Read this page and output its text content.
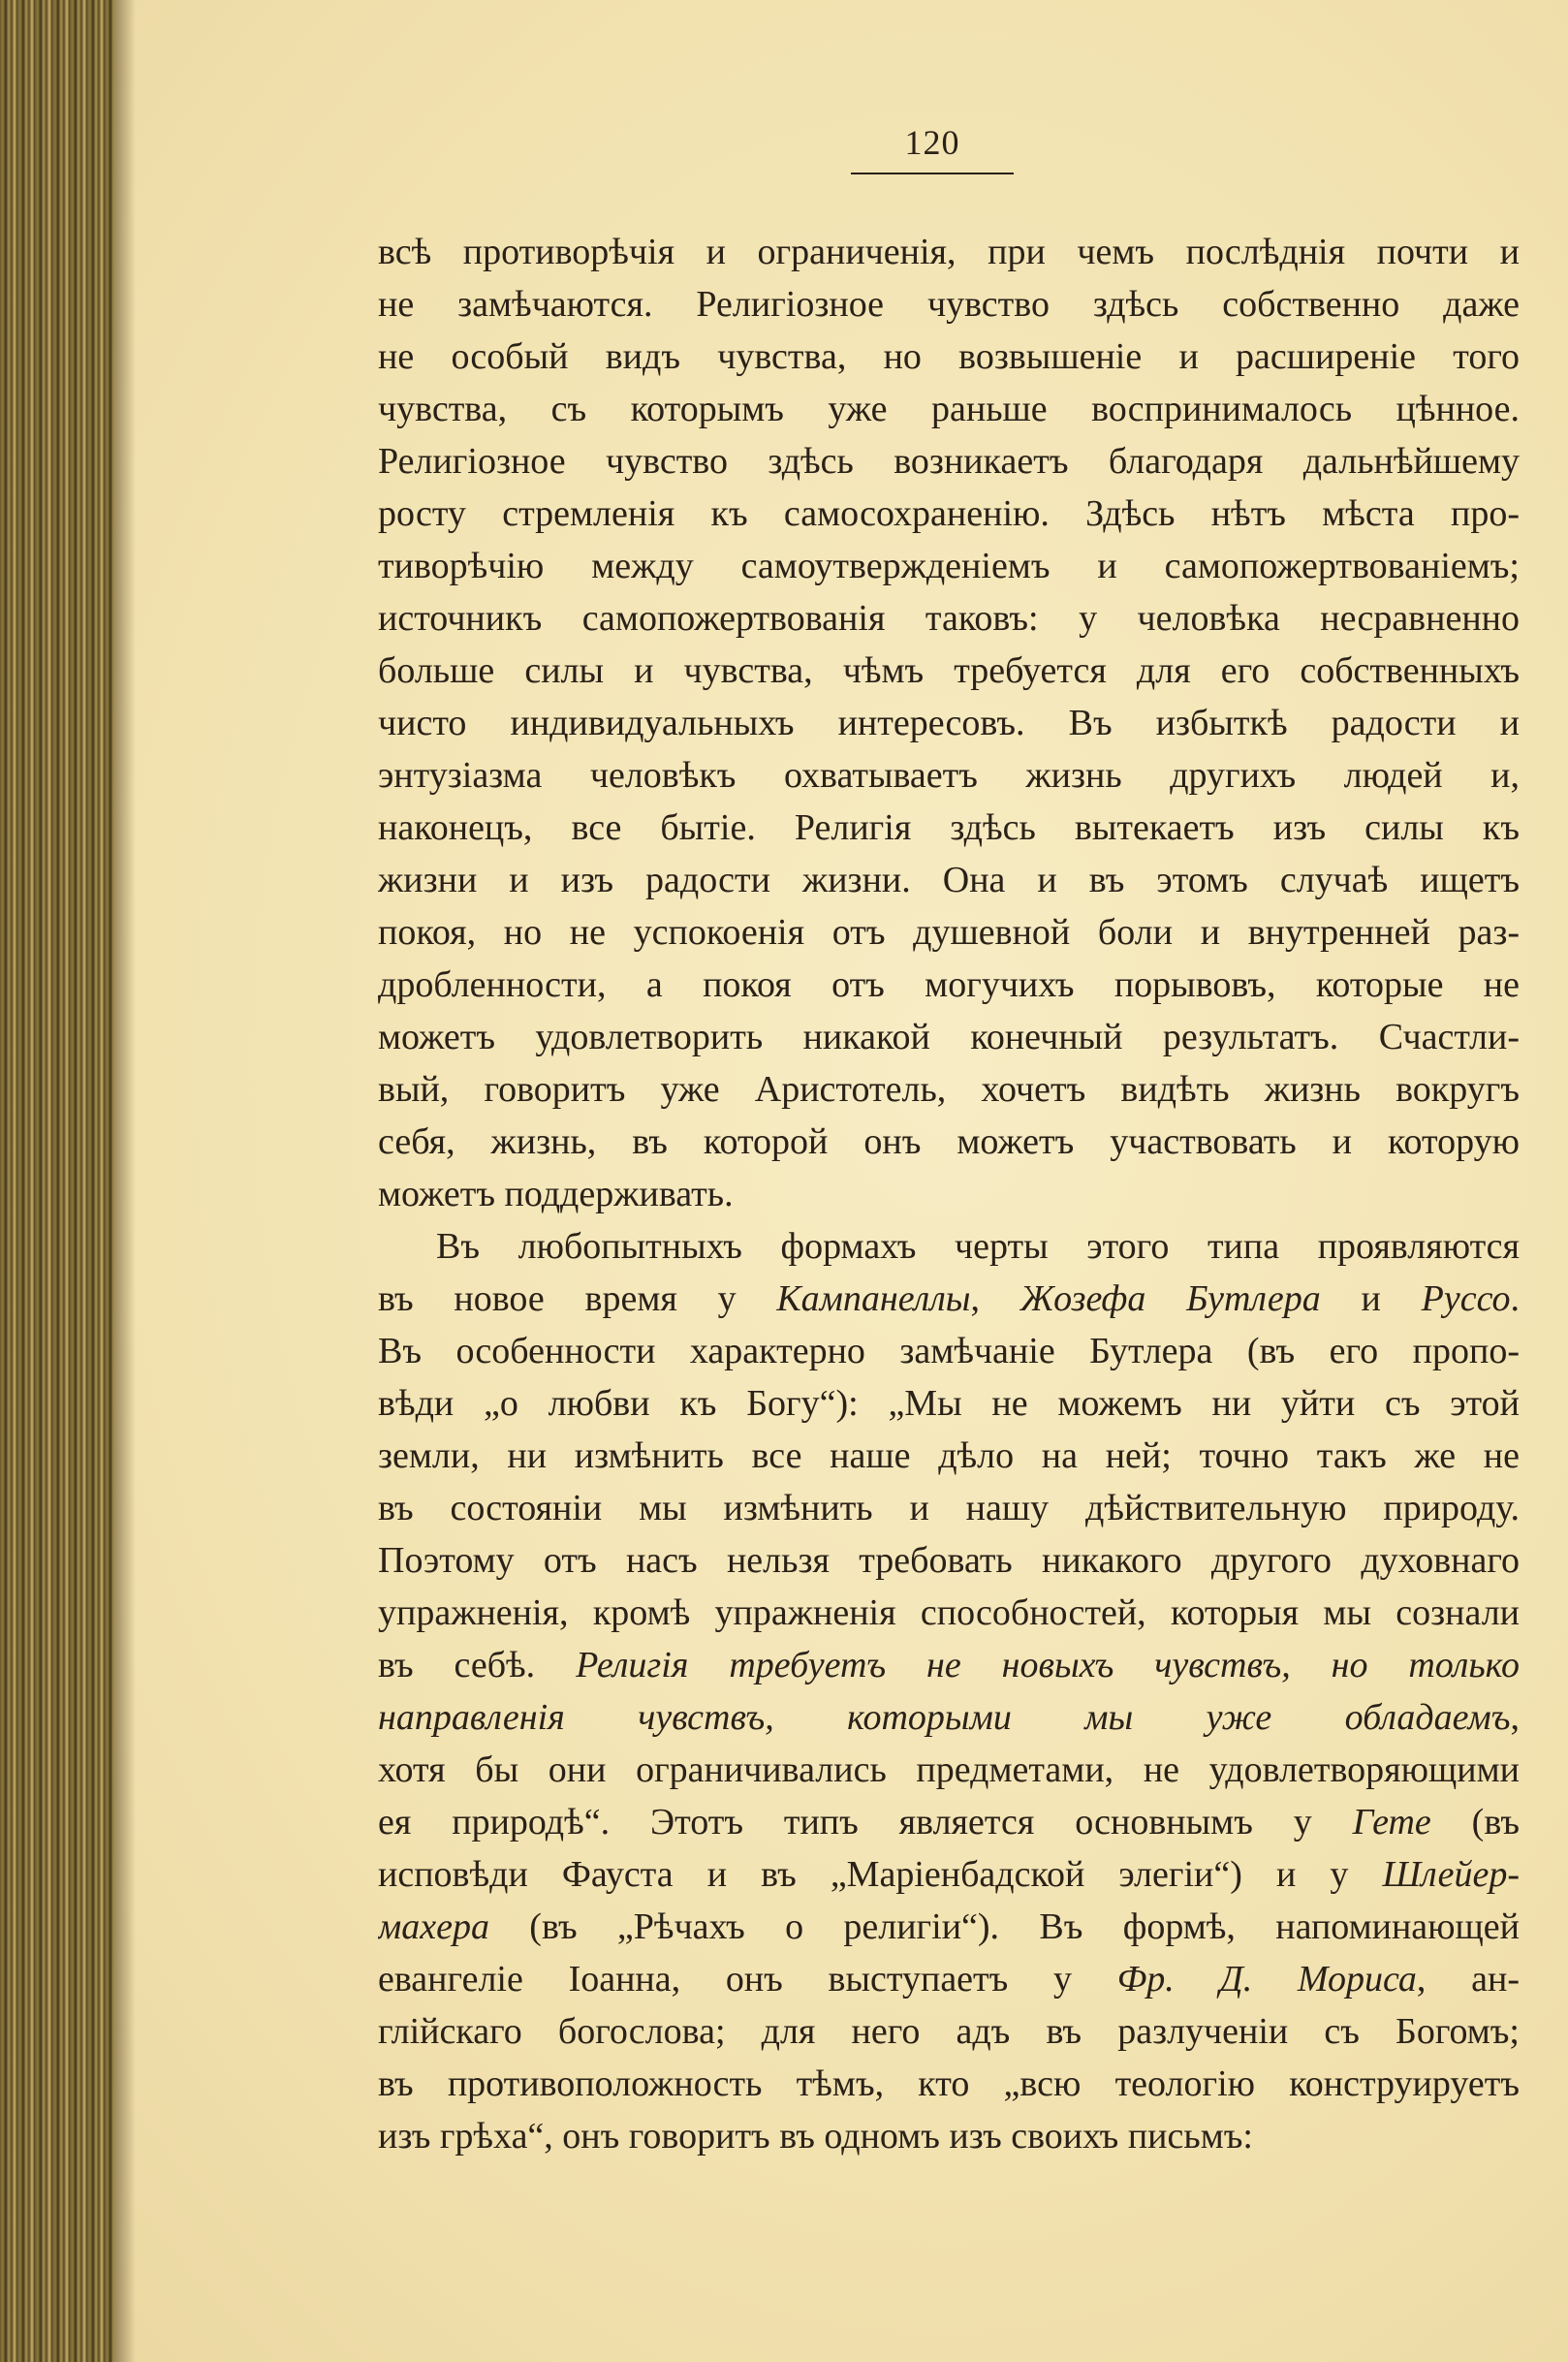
120
всѣ противорѣчія и ограниченія, при чемъ послѣднія почти и
не замѣчаются. Религіозное чувство здѣсь собственно даже
не особый видъ чувства, но возвышеніе и расширеніе того
чувства, съ которымъ уже раньше воспринималось цѣнное.
Религіозное чувство здѣсь возникаетъ благодаря дальнѣйшему
росту стремленія къ самосохраненію. Здѣсь нѣтъ мѣста про-
тиворѣчію между самоутвержденіемъ и самопожертвованіемъ;
источникъ самопожертвованія таковъ: у человѣка несравненно
больше силы и чувства, чѣмъ требуется для его собственныхъ
чисто индивидуальныхъ интересовъ. Въ избыткѣ радости и
энтузіазма человѣкъ охватываетъ жизнь другихъ людей и,
наконецъ, все бытіе. Религія здѣсь вытекаетъ изъ силы къ
жизни и изъ радости жизни. Она и въ этомъ случаѣ ищетъ
покоя, но не успокоенія отъ душевной боли и внутренней раз-
дробленности, а покоя отъ могучихъ порывовъ, которые не
можетъ удовлетворить никакой конечный результатъ. Счастли-
вый, говоритъ уже Аристотель, хочетъ видѣть жизнь вокругъ
себя, жизнь, въ которой онъ можетъ участвовать и которую
можетъ поддерживать.
Въ любопытныхъ формахъ черты этого типа проявляются
въ новое время у Кампанеллы, Жозефа Бутлера и Руссо.
Въ особенности характерно замѣчаніе Бутлера (въ его пропо-
вѣди „о любви къ Богу“): „Мы не можемъ ни уйти съ этой
земли, ни измѣнить все наше дѣло на ней; точно такъ же не
въ состояніи мы измѣнить и нашу дѣйствительную природу.
Поэтому отъ насъ нельзя требовать никакого другого духовнаго
упражненія, кромѣ упражненія способностей, которыя мы сознали
въ себѣ. Религія требуетъ не новыхъ чувствъ, но только
направленія чувствъ, которыми мы уже обладаемъ,
хотя бы они ограничивались предметами, не удовлетворяющими
ея природѣ“. Этотъ типъ является основнымъ у Гете (въ
исповѣди Фауста и въ „Маріенбадской элегіи“) и у Шлейер-
махера (въ „Рѣчахъ о религіи“). Въ формѣ, напоминающей
евангеліе Іоанна, онъ выступаетъ у Фр. Д. Мориса, ан-
глійскаго богослова; для него адъ въ разлученіи съ Богомъ;
въ противоположность тѣмъ, кто „всю теологію конструируетъ
изъ грѣха“, онъ говоритъ въ одномъ изъ своихъ письмъ:
